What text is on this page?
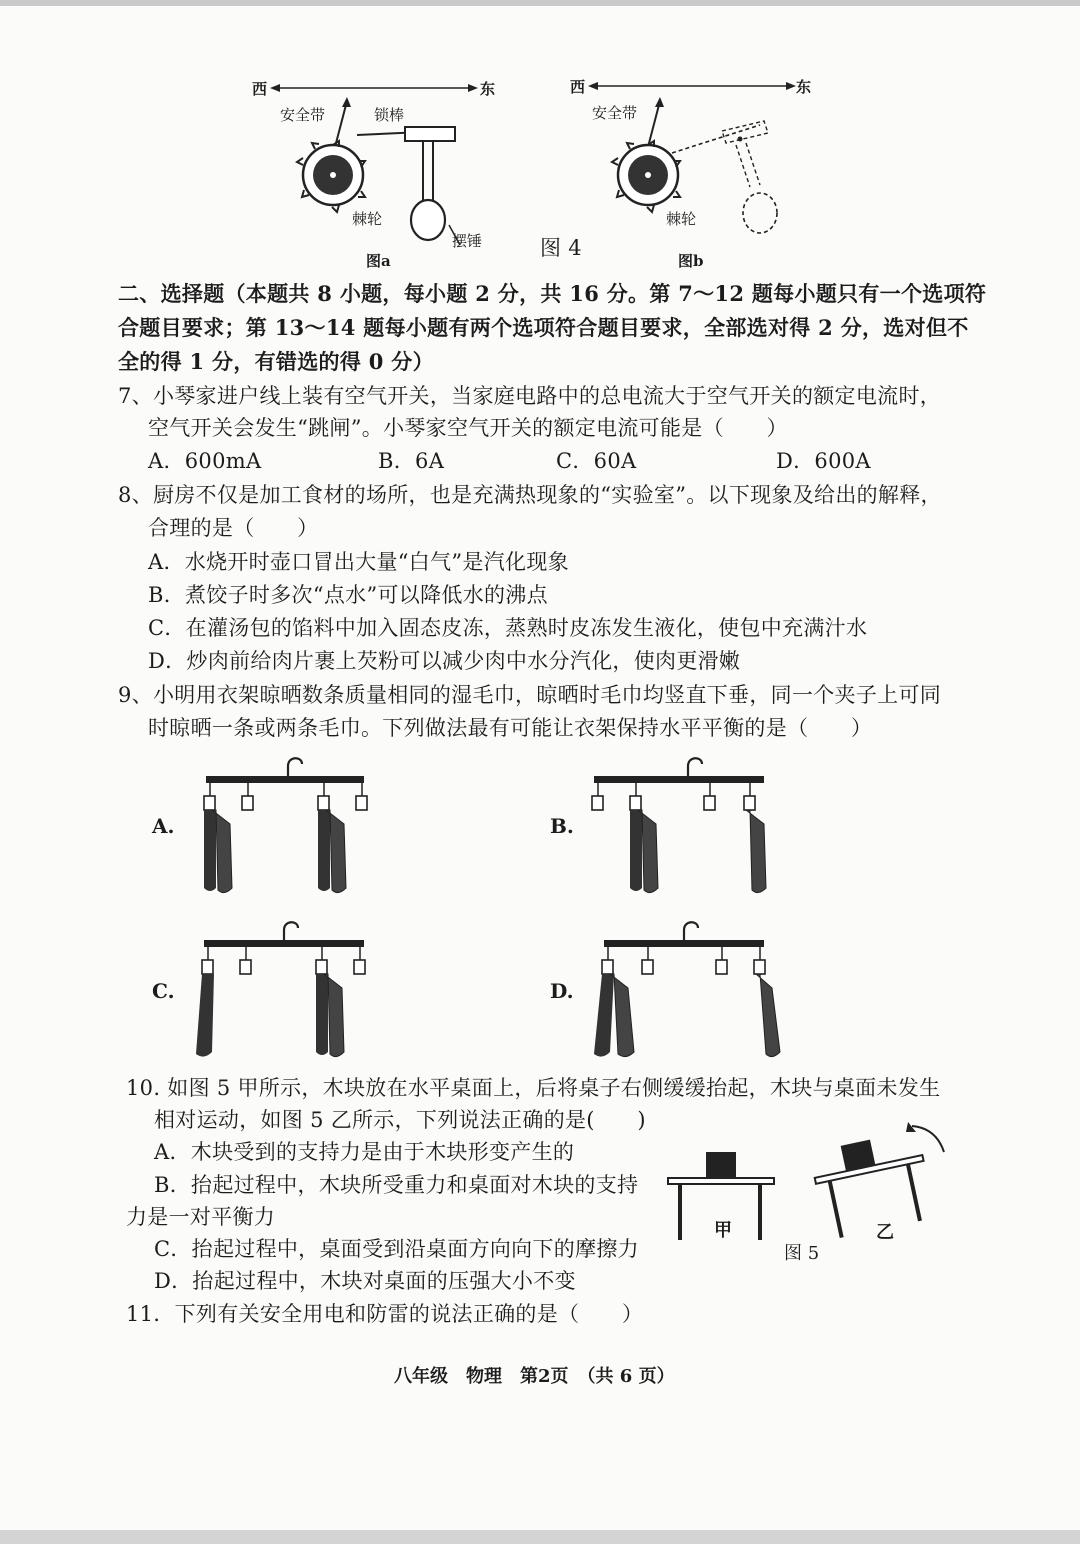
西	东
安全带	锁棒
棘轮
摆锤
图a
图 4
西	东
安全带
棘轮
图b
二、选择题（本题共 8 小题，每小题 2 分，共 16 分。第 7～12 题每小题只有一个选项符
合题目要求；第 13～14 题每小题有两个选项符合题目要求，全部选对得 2 分，选对但不
全的得 1 分，有错选的得 0 分）
7、小琴家进户线上装有空气开关，当家庭电路中的总电流大于空气开关的额定电流时，
空气开关会发生“跳闸”。小琴家空气开关的额定电流可能是（　　）
A．600mA	B．6A	C．60A	D．600A
8、厨房不仅是加工食材的场所，也是充满热现象的“实验室”。以下现象及给出的解释，
合理的是（　　）
A．水烧开时壶口冒出大量“白气”是汽化现象
B．煮饺子时多次“点水”可以降低水的沸点
C．在灌汤包的馅料中加入固态皮冻，蒸熟时皮冻发生液化，使包中充满汁水
D．炒肉前给肉片裹上芡粉可以减少肉中水分汽化，使肉更滑嫩
9、小明用衣架晾晒数条质量相同的湿毛巾，晾晒时毛巾均竖直下垂，同一个夹子上可同
时晾晒一条或两条毛巾。下列做法最有可能让衣架保持水平平衡的是（　　）
A.	B.
C.	D.
10. 如图 5 甲所示，木块放在水平桌面上，后将桌子右侧缓缓抬起，木块与桌面未发生
相对运动，如图 5 乙所示，下列说法正确的是(　　)
A．木块受到的支持力是由于木块形变产生的
B．抬起过程中，木块所受重力和桌面对木块的支持
力是一对平衡力
C．抬起过程中，桌面受到沿桌面方向向下的摩擦力
D．抬起过程中，木块对桌面的压强大小不变
甲	乙
图 5
11．下列有关安全用电和防雷的说法正确的是（　　）
八年级　物理　第2页　（共 6 页）
